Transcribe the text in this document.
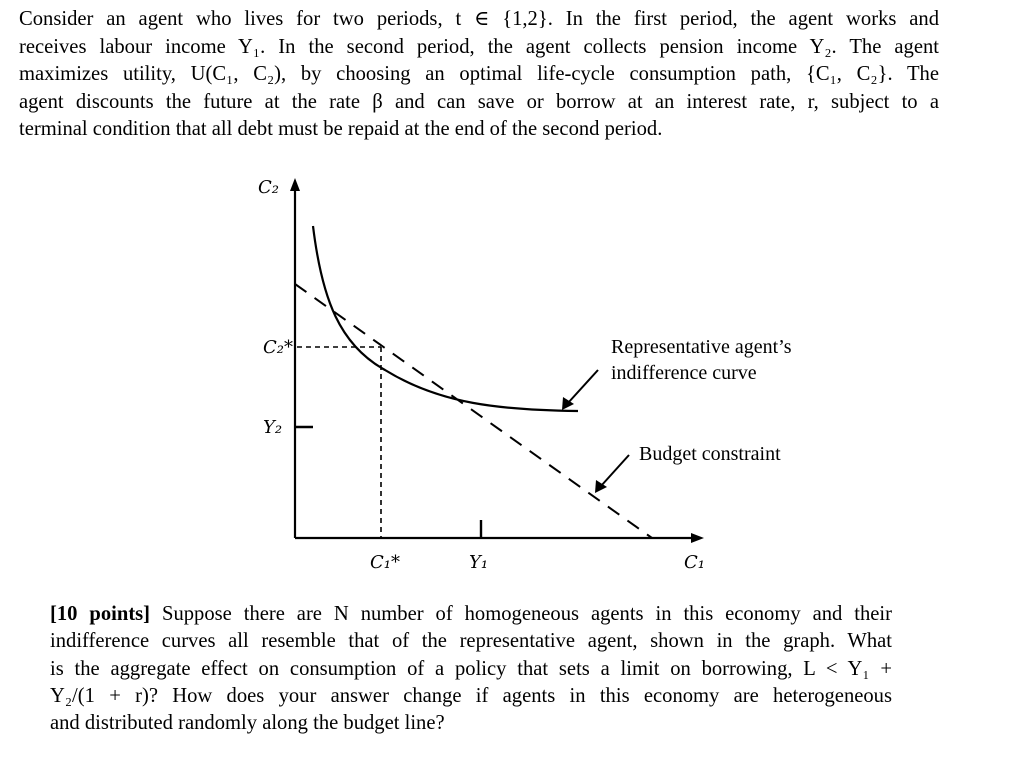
Consider an agent who lives for two periods, t ∈ {1,2}. In the first period, the agent works and
receives labour income Y₁. In the second period, the agent collects pension income Y₂. The agent
maximizes utility, U(C₁, C₂), by choosing an optimal life-cycle consumption path, {C₁, C₂}. The
agent discounts the future at the rate β and can save or borrow at an interest rate, r, subject to a
terminal condition that all debt must be repaid at the end of the second period.
C₂
C₂*
Y₂
C₁*	Y₁	C₁
Representative agent’s
indifference curve
Budget constraint
[10 points] Suppose there are N number of homogeneous agents in this economy and their
indifference curves all resemble that of the representative agent, shown in the graph. What
is the aggregate effect on consumption of a policy that sets a limit on borrowing, L < Y₁ +
Y₂/(1 + r)? How does your answer change if agents in this economy are heterogeneous
and distributed randomly along the budget line?
